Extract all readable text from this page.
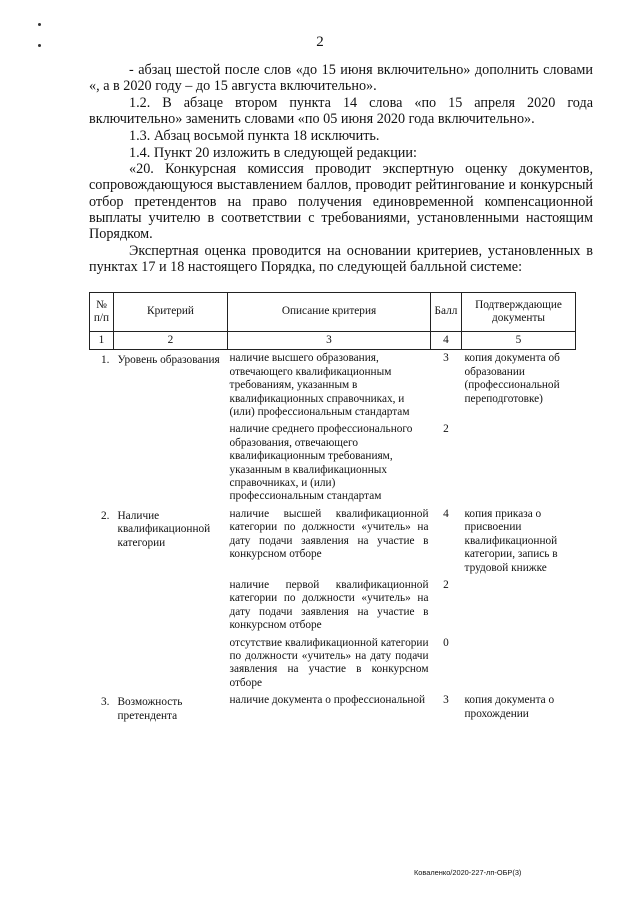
2

- абзац шестой после слов «до 15 июня включительно» дополнить словами «, а в 2020 году – до 15 августа включительно».

1.2. В абзаце втором пункта 14 слова «по 15 апреля 2020 года включительно» заменить словами «по 05 июня 2020 года включительно».

1.3. Абзац восьмой пункта 18 исключить.

1.4. Пункт 20 изложить в следующей редакции:

«20. Конкурсная комиссия проводит экспертную оценку документов, сопровождающуюся выставлением баллов, проводит рейтингование и конкурсный отбор претендентов на право получения единовременной компенсационной выплаты учителю в соответствии с требованиями, установленными настоящим Порядком.

Экспертная оценка проводится на основании критериев, установленных в пунктах 17 и 18 настоящего Порядка, по следующей балльной системе:

№ п/п	Критерий	Описание критерия	Балл	Подтверждающие документы
1	2	3	4	5
1.	Уровень образования	наличие высшего образования, отвечающего квалификационным требованиям, указанным в квалификационных справочниках, и (или) профессиональным стандартам	3	копия документа об образовании (профессиональной переподготовке)
		наличие среднего профессионального образования, отвечающего квалификационным требованиям, указанным в квалификационных справочниках, и (или) профессиональным стандартам	2	
2.	Наличие квалификационной категории	наличие высшей квалификационной категории по должности «учитель» на дату подачи заявления на участие в конкурсном отборе	4	копия приказа о присвоении квалификационной категории, запись в трудовой книжке
		наличие первой квалификационной категории по должности «учитель» на дату подачи заявления на участие в конкурсном отборе	2	
		отсутствие квалификационной категории по должности «учитель» на дату подачи заявления на участие в конкурсном отборе	0	
3.	Возможность претендента	наличие документа о профессиональной	3	копия документа о прохождении
Коваленко/2020-227-лп-ОБР(3)
